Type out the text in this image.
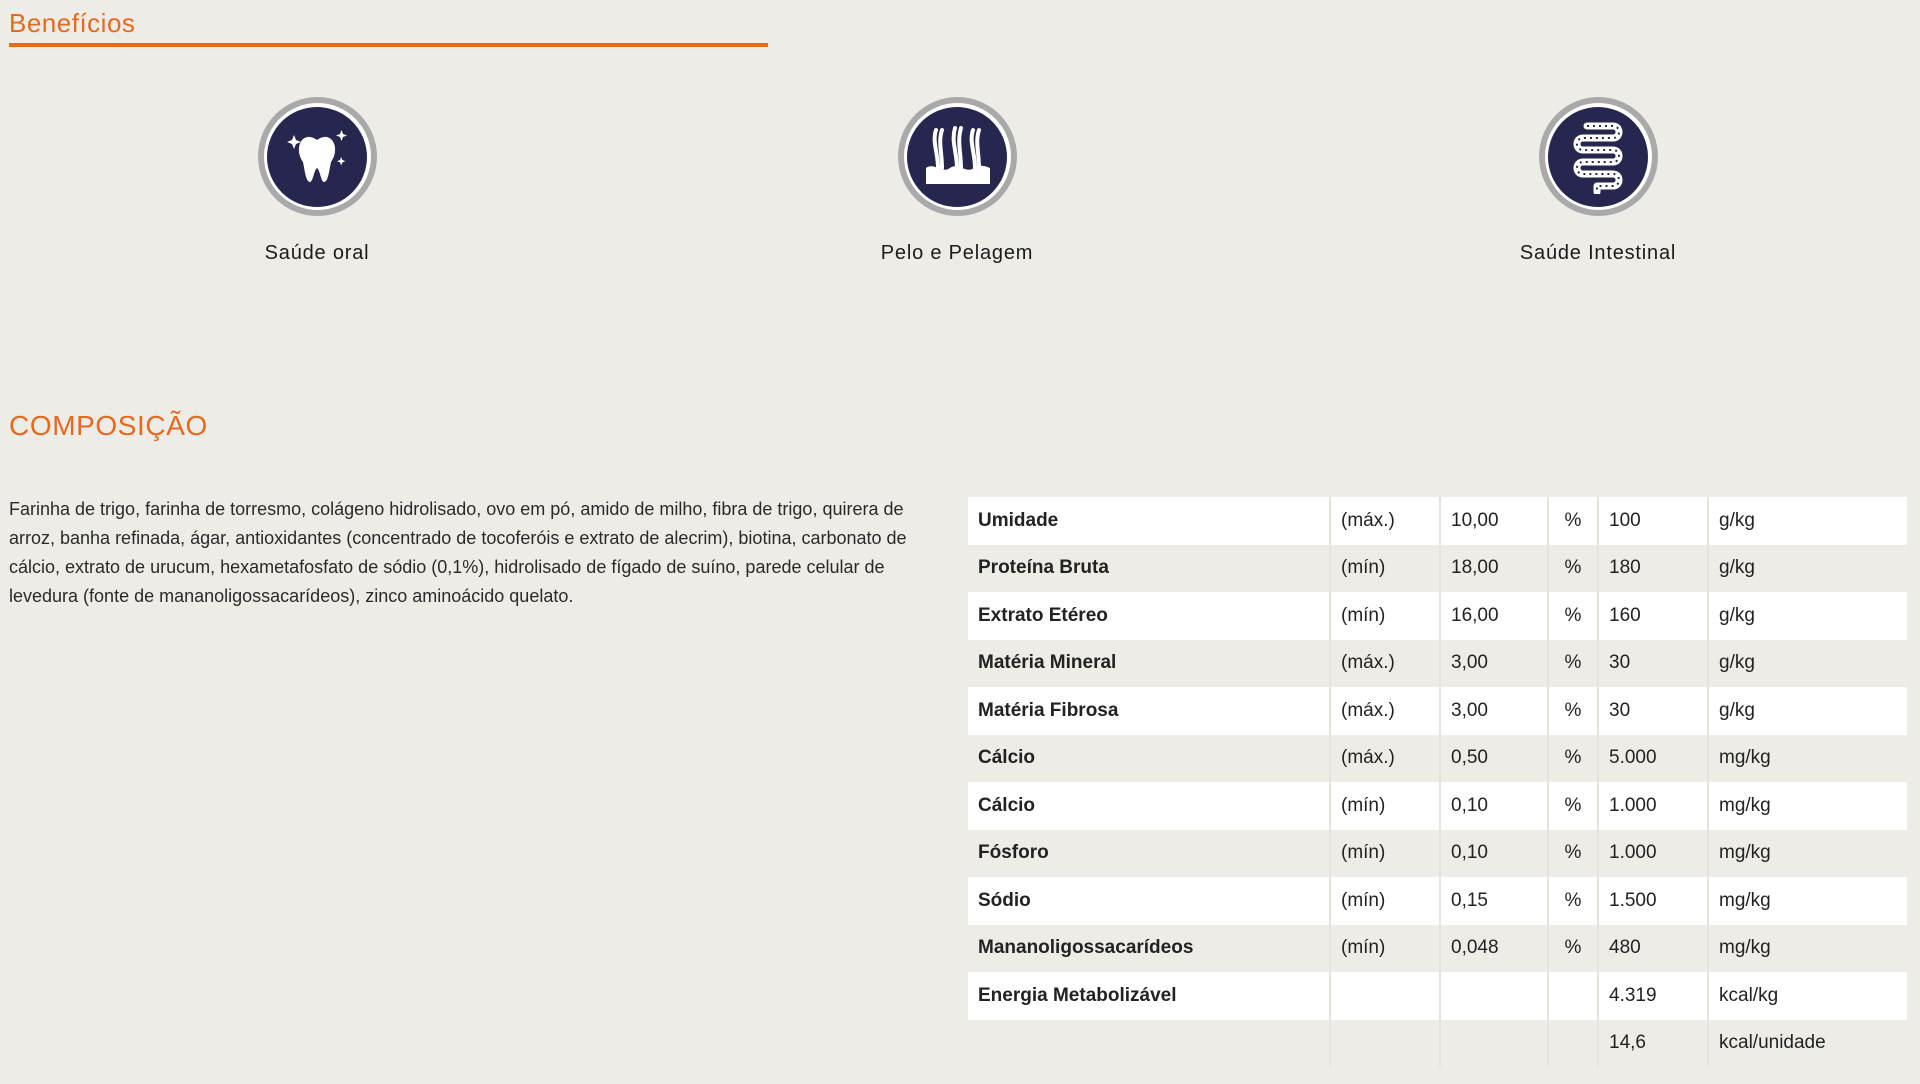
Benefícios
Saúde oral	Pelo e Pelagem	Saúde Intestinal
COMPOSIÇÃO

Farinha de trigo, farinha de torresmo, colágeno hidrolisado, ovo em pó, amido de milho, fibra de trigo, quirera de arroz, banha refinada, ágar, antioxidantes (concentrado de tocoferóis e extrato de alecrim), biotina, carbonato de cálcio, extrato de urucum, hexametafosfato de sódio (0,1%), hidrolisado de fígado de suíno, parede celular de levedura (fonte de mananoligossacarídeos), zinco aminoácido quelato.

Umidade	(máx.)	10,00	%	100	g/kg
Proteína Bruta	(mín)	18,00	%	180	g/kg
Extrato Etéreo	(mín)	16,00	%	160	g/kg
Matéria Mineral	(máx.)	3,00	%	30	g/kg
Matéria Fibrosa	(máx.)	3,00	%	30	g/kg
Cálcio	(máx.)	0,50	%	5.000	mg/kg
Cálcio	(mín)	0,10	%	1.000	mg/kg
Fósforo	(mín)	0,10	%	1.000	mg/kg
Sódio	(mín)	0,15	%	1.500	mg/kg
Mananoligossacarídeos	(mín)	0,048	%	480	mg/kg
Energia Metabolizável				4.319	kcal/kg
				14,6	kcal/unidade
